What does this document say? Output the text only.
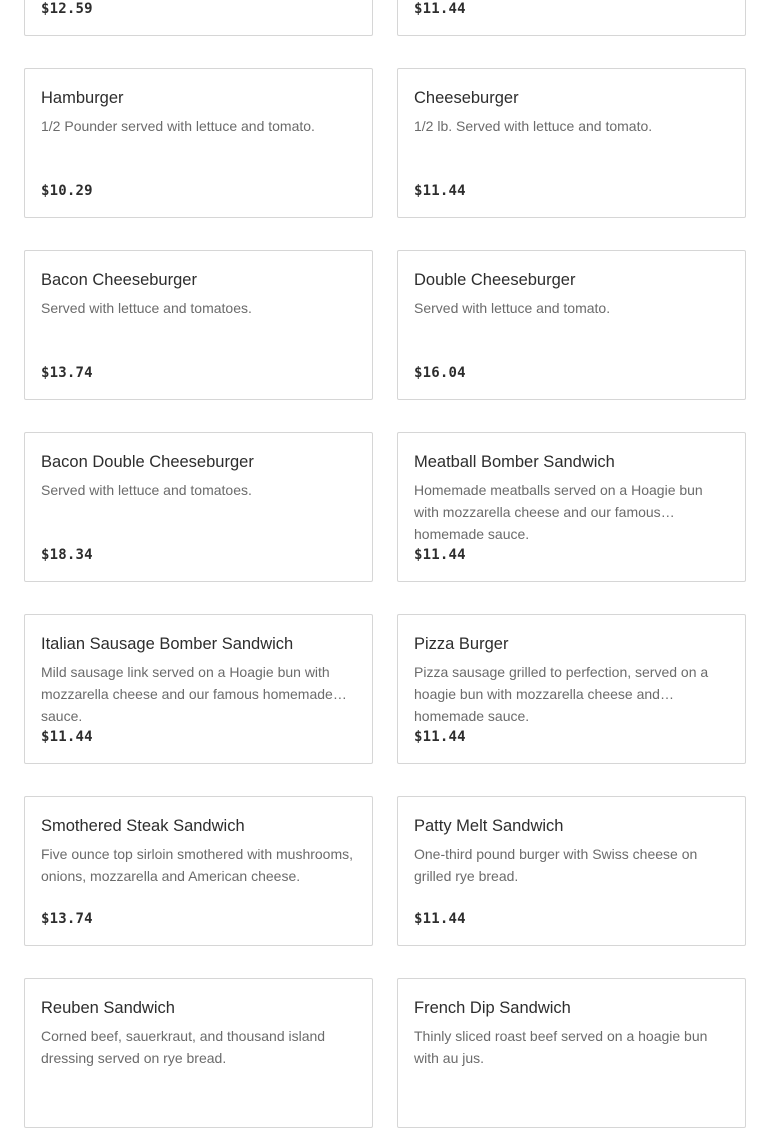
$12.59	$11.44
Hamburger
1/2 Pounder served with lettuce and tomato.
$10.29
Cheeseburger
1/2 lb. Served with lettuce and tomato.
$11.44
Bacon Cheeseburger
Served with lettuce and tomatoes.
$13.74
Double Cheeseburger
Served with lettuce and tomato.
$16.04
Bacon Double Cheeseburger
Served with lettuce and tomatoes.
$18.34
Meatball Bomber Sandwich
Homemade meatballs served on a Hoagie bun with mozzarella cheese and our famous homemade sauce.
$11.44
Italian Sausage Bomber Sandwich
Mild sausage link served on a Hoagie bun with mozzarella cheese and our famous homemade sauce.
$11.44
Pizza Burger
Pizza sausage grilled to perfection, served on a hoagie bun with mozzarella cheese and homemade sauce.
$11.44
Smothered Steak Sandwich
Five ounce top sirloin smothered with mushrooms, onions, mozzarella and American cheese.
$13.74
Patty Melt Sandwich
One-third pound burger with Swiss cheese on grilled rye bread.
$11.44
Reuben Sandwich
Corned beef, sauerkraut, and thousand island dressing served on rye bread.
French Dip Sandwich
Thinly sliced roast beef served on a hoagie bun with au jus.
